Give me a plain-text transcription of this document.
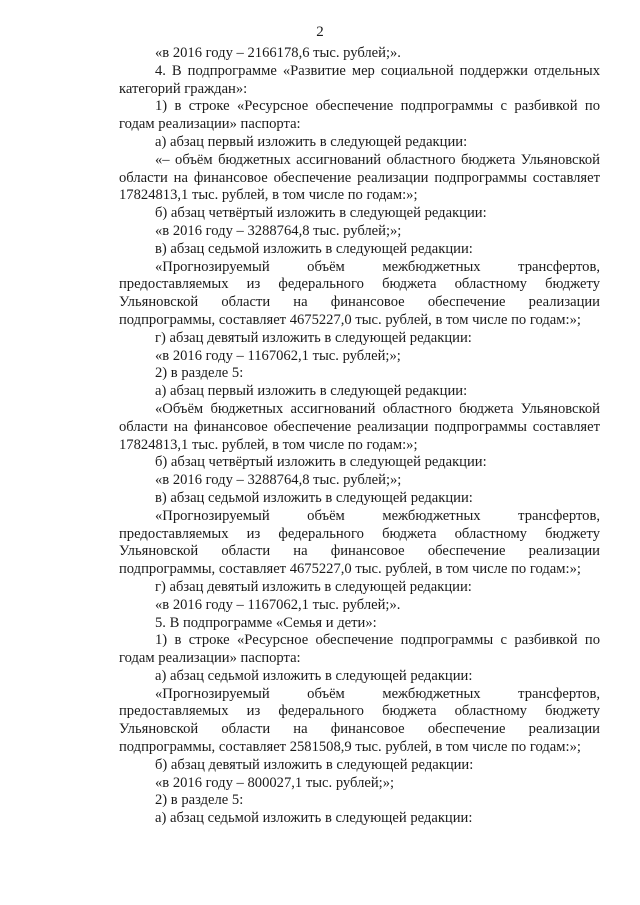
2

«в 2016 году – 2166178,6 тыс. рублей;».

4. В подпрограмме «Развитие мер социальной поддержки отдельных категорий граждан»:

1) в строке «Ресурсное обеспечение подпрограммы с разбивкой по годам реализации» паспорта:

а) абзац первый изложить в следующей редакции:

«– объём бюджетных ассигнований областного бюджета Ульяновской области на финансовое обеспечение реализации подпрограммы составляет 17824813,1 тыс. рублей, в том числе по годам:»;

б) абзац четвёртый изложить в следующей редакции:

«в 2016 году – 3288764,8 тыс. рублей;»;

в) абзац седьмой изложить в следующей редакции:

«Прогнозируемый объём межбюджетных трансфертов, предоставляемых из федерального бюджета областному бюджету Ульяновской области на финансовое обеспечение реализации подпрограммы, составляет 4675227,0 тыс. рублей, в том числе по годам:»;

г) абзац девятый изложить в следующей редакции:

«в 2016 году – 1167062,1 тыс. рублей;»;

2) в разделе 5:

а) абзац первый изложить в следующей редакции:

«Объём бюджетных ассигнований областного бюджета Ульяновской области на финансовое обеспечение реализации подпрограммы составляет 17824813,1 тыс. рублей, в том числе по годам:»;

б) абзац четвёртый изложить в следующей редакции:

«в 2016 году – 3288764,8 тыс. рублей;»;

в) абзац седьмой изложить в следующей редакции:

«Прогнозируемый объём межбюджетных трансфертов, предоставляемых из федерального бюджета областному бюджету Ульяновской области на финансовое обеспечение реализации подпрограммы, составляет 4675227,0 тыс. рублей, в том числе по годам:»;

г) абзац девятый изложить в следующей редакции:

«в 2016 году – 1167062,1 тыс. рублей;».

5. В подпрограмме «Семья и дети»:

1) в строке «Ресурсное обеспечение подпрограммы с разбивкой по годам реализации» паспорта:

а) абзац седьмой изложить в следующей редакции:

«Прогнозируемый объём межбюджетных трансфертов, предоставляемых из федерального бюджета областному бюджету Ульяновской области на финансовое обеспечение реализации подпрограммы, составляет 2581508,9 тыс. рублей, в том числе по годам:»;

б) абзац девятый изложить в следующей редакции:

«в 2016 году – 800027,1 тыс. рублей;»;

2) в разделе 5:

а) абзац седьмой изложить в следующей редакции:
